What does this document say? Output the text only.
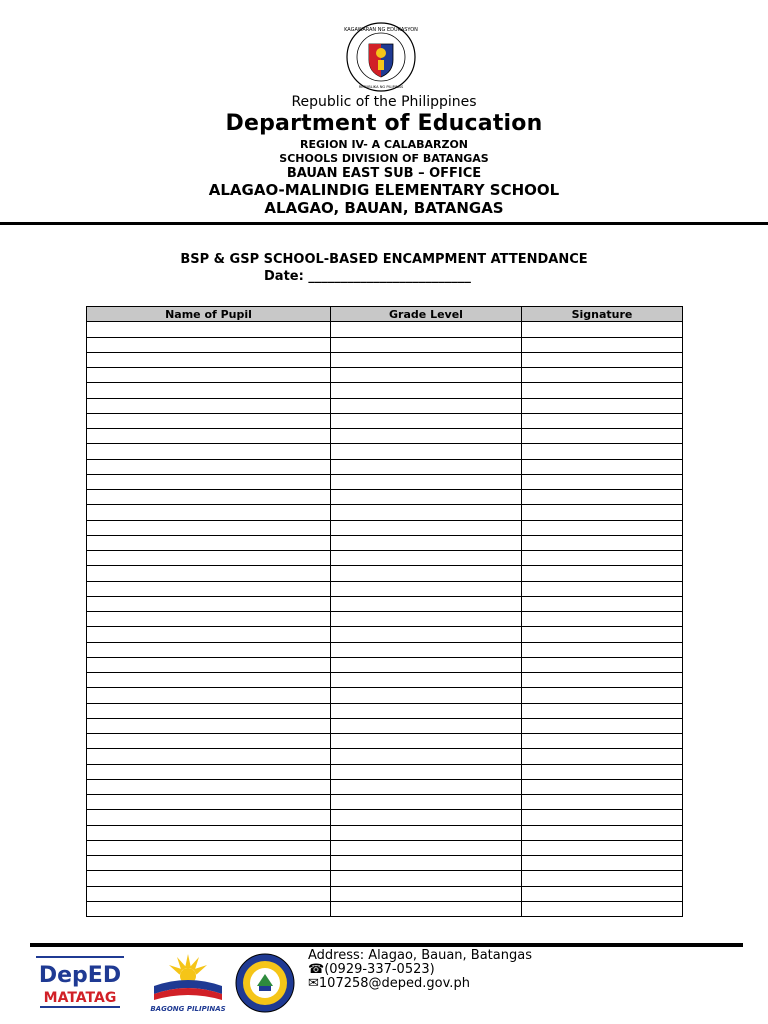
KAGAWARAN NG EDUKASYON
REPUBLIKA NG PILIPINAS
Republic of the Philippines
Department of Education
REGION IV- A CALABARZON
SCHOOLS DIVISION OF BATANGAS
BAUAN EAST SUB – OFFICE
ALAGAO-MALINDIG ELEMENTARY SCHOOL
ALAGAO, BAUAN, BATANGAS
BSP & GSP SCHOOL-BASED ENCAMPMENT ATTENDANCE
Date: _________________________
Name of Pupil	Grade Level	Signature

DepED
MATATAG
BAGONG PILIPINAS
Address: Alagao, Bauan, Batangas
☎(0929-337-0523)
✉107258@deped.gov.ph
